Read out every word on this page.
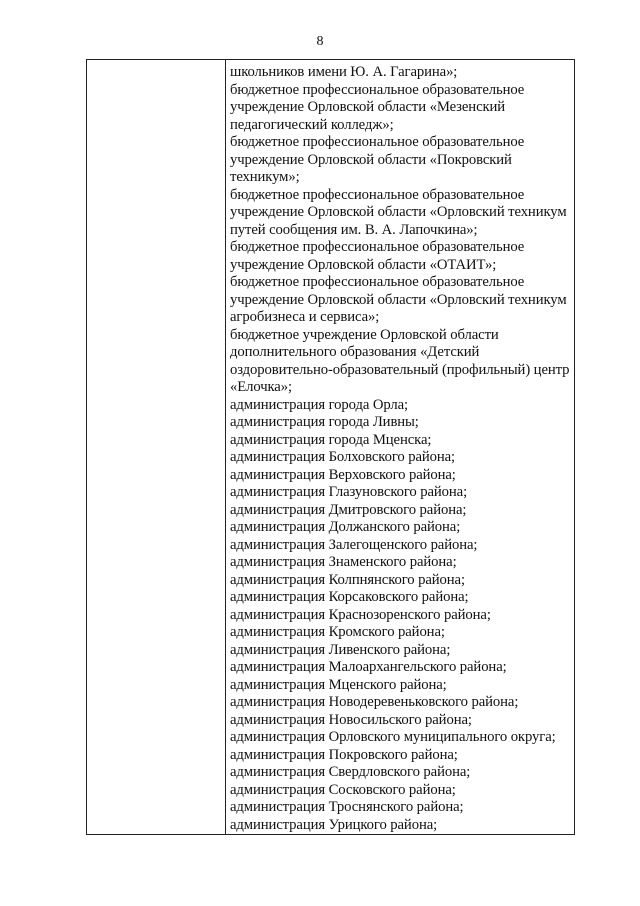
8

школьников имени Ю. А. Гагарина»;
бюджетное профессиональное образовательное учреждение Орловской области «Мезенский педагогический колледж»;
бюджетное профессиональное образовательное учреждение Орловской области «Покровский техникум»;
бюджетное профессиональное образовательное учреждение Орловской области «Орловский техникум путей сообщения им. В. А. Лапочкина»;
бюджетное профессиональное образовательное учреждение Орловской области «ОТАИТ»;
бюджетное профессиональное образовательное учреждение Орловской области «Орловский техникум агробизнеса и сервиса»;
бюджетное учреждение Орловской области дополнительного образования «Детский оздоровительно-образовательный (профильный) центр «Елочка»;
администрация города Орла;
администрация города Ливны;
администрация города Мценска;
администрация Болховского района;
администрация Верховского района;
администрация Глазуновского района;
администрация Дмитровского района;
администрация Должанского района;
администрация Залегощенского района;
администрация Знаменского района;
администрация Колпнянского района;
администрация Корсаковского района;
администрация Краснозоренского района;
администрация Кромского района;
администрация Ливенского района;
администрация Малоархангельского района;
администрация Мценского района;
администрация Новодеревеньковского района;
администрация Новосильского района;
администрация Орловского муниципального округа;
администрация Покровского района;
администрация Свердловского района;
администрация Сосковского района;
администрация Троснянского района;
администрация Урицкого района;
